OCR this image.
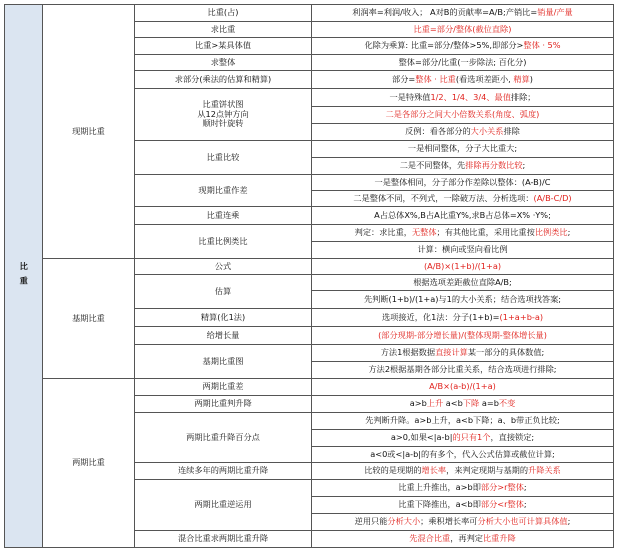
比重	现期比重	比重(占)	利润率=利润/收入； A对B的贡献率=A/B;产销比=销量/产量
		求比重	比重=部分/整体(截位直除)
		比重>某具体值	化除为乘算: 比重=部分/整体>5%,即部分>整体 · 5%
		求整体	整体=部分/比重(一步除法; 百化分)
		求部分(乘法的估算和精算)	部分=整体 · 比重(看选项差距小, 精算)
		比重饼状图
从12点钟方向
顺时针旋转	一是特殊值1/2、1/4、3/4、最值排除；
			二是各部分之间大小倍数关系(角度、弧度)
			反例：看各部分的大小关系排除
		比重比较	一是相同整体，分子大比重大;
			二是不同整体，先排除再分数比较;
		现期比重作差	一是整体相同，分子部分作差除以整体：(A-B)/C
			二是整体不同，不列式，一除破万法、分析选项：(A/B-C/D)
		比重连乘	A占总体X%,B占A比重Y%,求B占总体=X% ·Y%;
		比重比例类比	判定：求比重，无整体；有其他比重，采用比重按比例类比;
			计算：横向或竖向看比例
	基期比重	公式	(A/B)×(1+b)/(1+a)
		估算	根据选项差距截位直除A/B;
			先判断(1+b)/(1+a)与1的大小关系；结合选项找答案;
		精算(化1法)	选项接近，化1法：分子(1+b)=(1+a+b-a)
		给增长量	(部分现期-部分增长量)/(整体现期-整体增长量)
		基期比重图	方法1根据数据直接计算某一部分的具体数值;
			方法2根据基期各部分比重关系，结合选项进行排除;
	两期比重	两期比重差	A/B×(a-b)/(1+a)
		两期比重判升降	a>b上升 a<b下降 a=b不变
		两期比重升降百分点	先判断升降。a>b上升，a<b下降；a、b带正负比较;
			a>0,如果<|a-b|的只有1个，直接锁定;
			a<0或<|a-b|的有多个，代入公式估算或截位计算;
		连续多年的两期比重升降	比较的是现期的增长率，来判定现期与基期的升降关系
		两期比重逆运用	比重上升推出，a>b即部分>r整体;
			比重下降推出，a<b即部分<r整体;
			逆用只能分析大小；乘积增长率可分析大小也可计算具体值;
		混合比重求两期比重升降	先混合比重，再判定比重升降
